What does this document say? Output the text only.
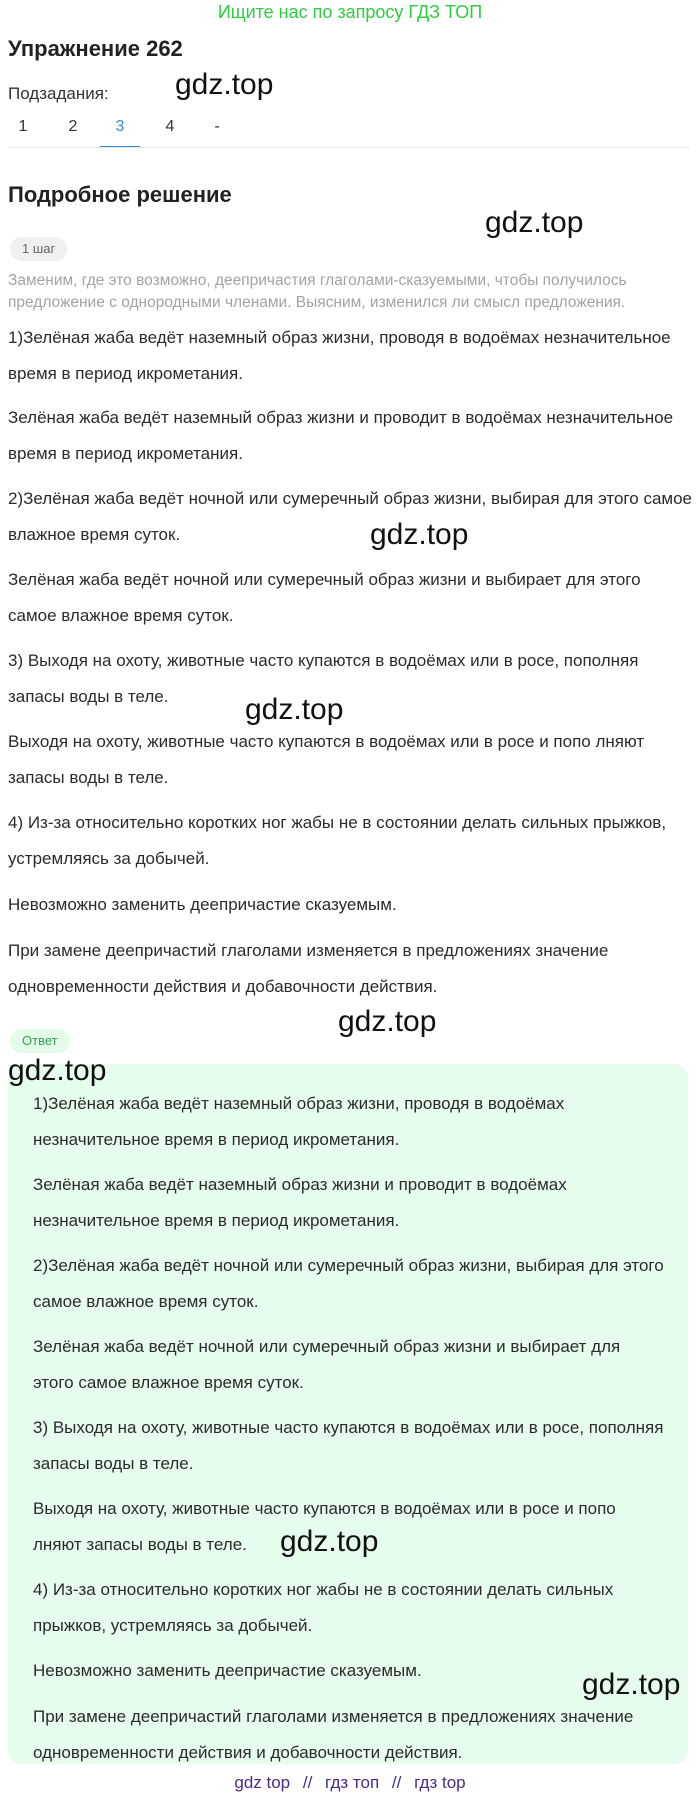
Ищите нас по запросу ГДЗ ТОП
Упражнение 262
Подзадания:
1	2	3	4	-
Подробное решение
1 шаг
Заменим, где это возможно, деепричастия глаголами-сказуемыми, чтобы получилось предложение с однородными членами. Выясним, изменился ли смысл предложения.
1)Зелёная жаба ведёт наземный образ жизни, проводя в водоёмах незначительное время в период икрометания.
Зелёная жаба ведёт наземный образ жизни и проводит в водоёмах незначительное время в период икрометания.
2)Зелёная жаба ведёт ночной или сумеречный образ жизни, выбирая для этого самое влажное время суток.
Зелёная жаба ведёт ночной или сумеречный образ жизни и выбирает для этого самое влажное время суток.
3) Выходя на охоту, животные часто купаются в водоёмах или в росе, пополняя запасы воды в теле.
Выходя на охоту, животные часто купаются в водоёмах или в росе и попо лняют запасы воды в теле.
4) Из-за относительно коротких ног жабы не в состоянии делать сильных прыжков, устремляясь за добычей.
Невозможно заменить деепричастие сказуемым.
При замене деепричастий глаголами изменяется в предложениях значение одновременности действия и добавочности действия.
Ответ
1)Зелёная жаба ведёт наземный образ жизни, проводя в водоёмах незначительное время в период икрометания.
Зелёная жаба ведёт наземный образ жизни и проводит в водоёмах незначительное время в период икрометания.
2)Зелёная жаба ведёт ночной или сумеречный образ жизни, выбирая для этого самое влажное время суток.
Зелёная жаба ведёт ночной или сумеречный образ жизни и выбирает для этого самое влажное время суток.
3) Выходя на охоту, животные часто купаются в водоёмах или в росе, пополняя запасы воды в теле.
Выходя на охоту, животные часто купаются в водоёмах или в росе и попо лняют запасы воды в теле.
4) Из-за относительно коротких ног жабы не в состоянии делать сильных прыжков, устремляясь за добычей.
Невозможно заменить деепричастие сказуемым.
При замене деепричастий глаголами изменяется в предложениях значение одновременности действия и добавочности действия.
gdz.top
gdz.top
gdz.top
gdz.top
gdz.top
gdz.top
gdz.top
gdz.top
gdz top // гдз топ // гдз top
